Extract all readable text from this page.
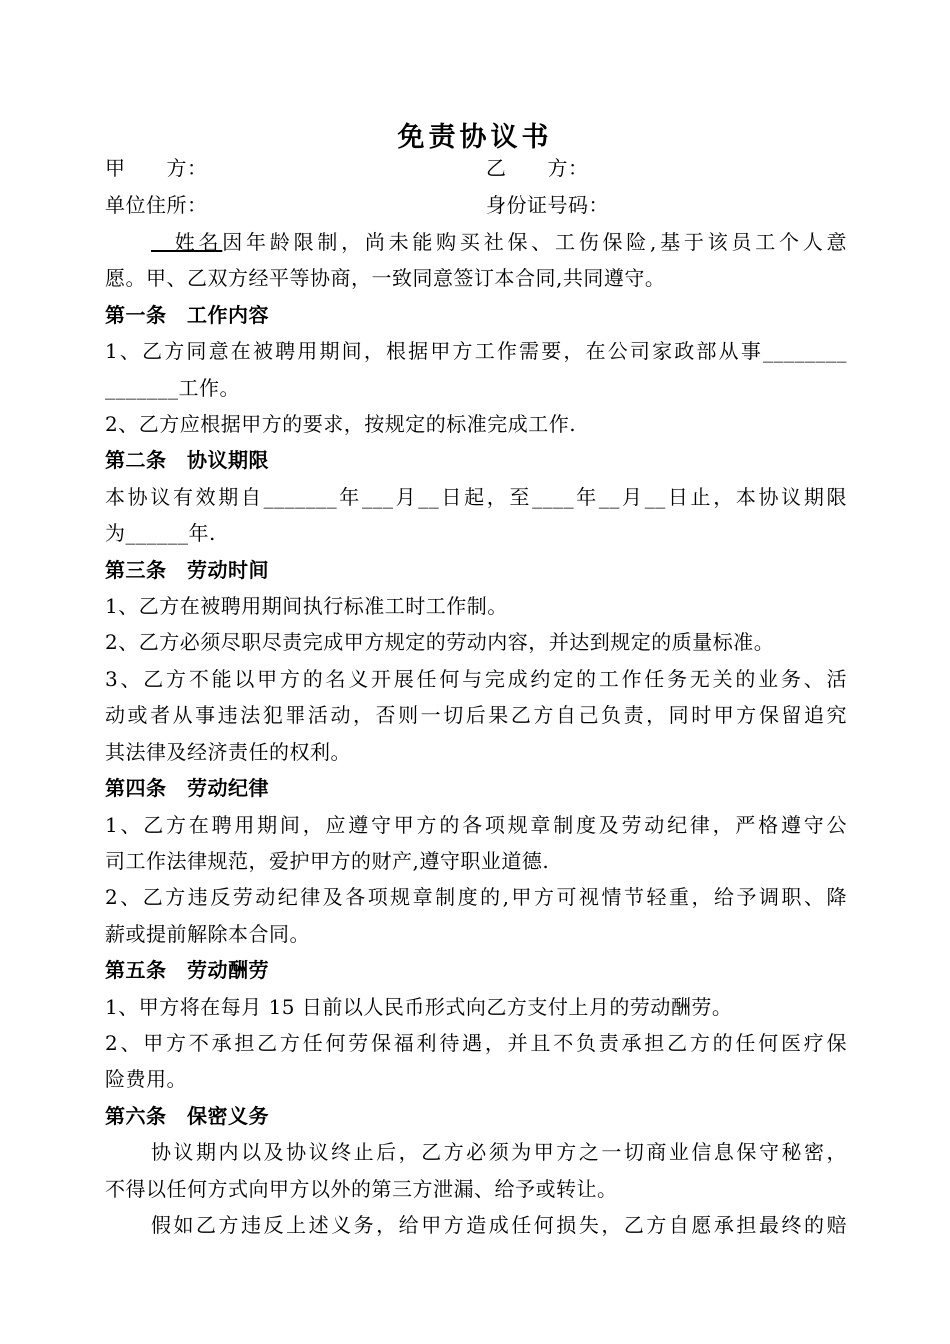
免责协议书
甲　　方：	乙　　方：
单位住所：	身份证号码：
　姓名因年龄限制，尚未能购买社保、工伤保险,基于该员工个人意
愿。甲、乙双方经平等协商，一致同意签订本合同,共同遵守。
第一条　工作内容
1、乙方同意在被聘用期间，根据甲方工作需要，在公司家政部从事________
_______工作。
2、乙方应根据甲方的要求，按规定的标准完成工作.
第二条　协议期限
本协议有效期自_______年___月__日起，至____年__月__日止，本协议期限
为______年.
第三条　劳动时间
1、乙方在被聘用期间执行标准工时工作制。
2、乙方必须尽职尽责完成甲方规定的劳动内容，并达到规定的质量标准。
3、乙方不能以甲方的名义开展任何与完成约定的工作任务无关的业务、活
动或者从事违法犯罪活动，否则一切后果乙方自己负责，同时甲方保留追究
其法律及经济责任的权利。
第四条　劳动纪律
1、乙方在聘用期间，应遵守甲方的各项规章制度及劳动纪律，严格遵守公
司工作法律规范，爱护甲方的财产,遵守职业道德.
2、乙方违反劳动纪律及各项规章制度的,甲方可视情节轻重，给予调职、降
薪或提前解除本合同。
第五条　劳动酬劳
1、甲方将在每月 15 日前以人民币形式向乙方支付上月的劳动酬劳。
2、甲方不承担乙方任何劳保福利待遇，并且不负责承担乙方的任何医疗保
险费用。
第六条　保密义务
协议期内以及协议终止后，乙方必须为甲方之一切商业信息保守秘密，
不得以任何方式向甲方以外的第三方泄漏、给予或转让。
假如乙方违反上述义务，给甲方造成任何损失，乙方自愿承担最终的赔
